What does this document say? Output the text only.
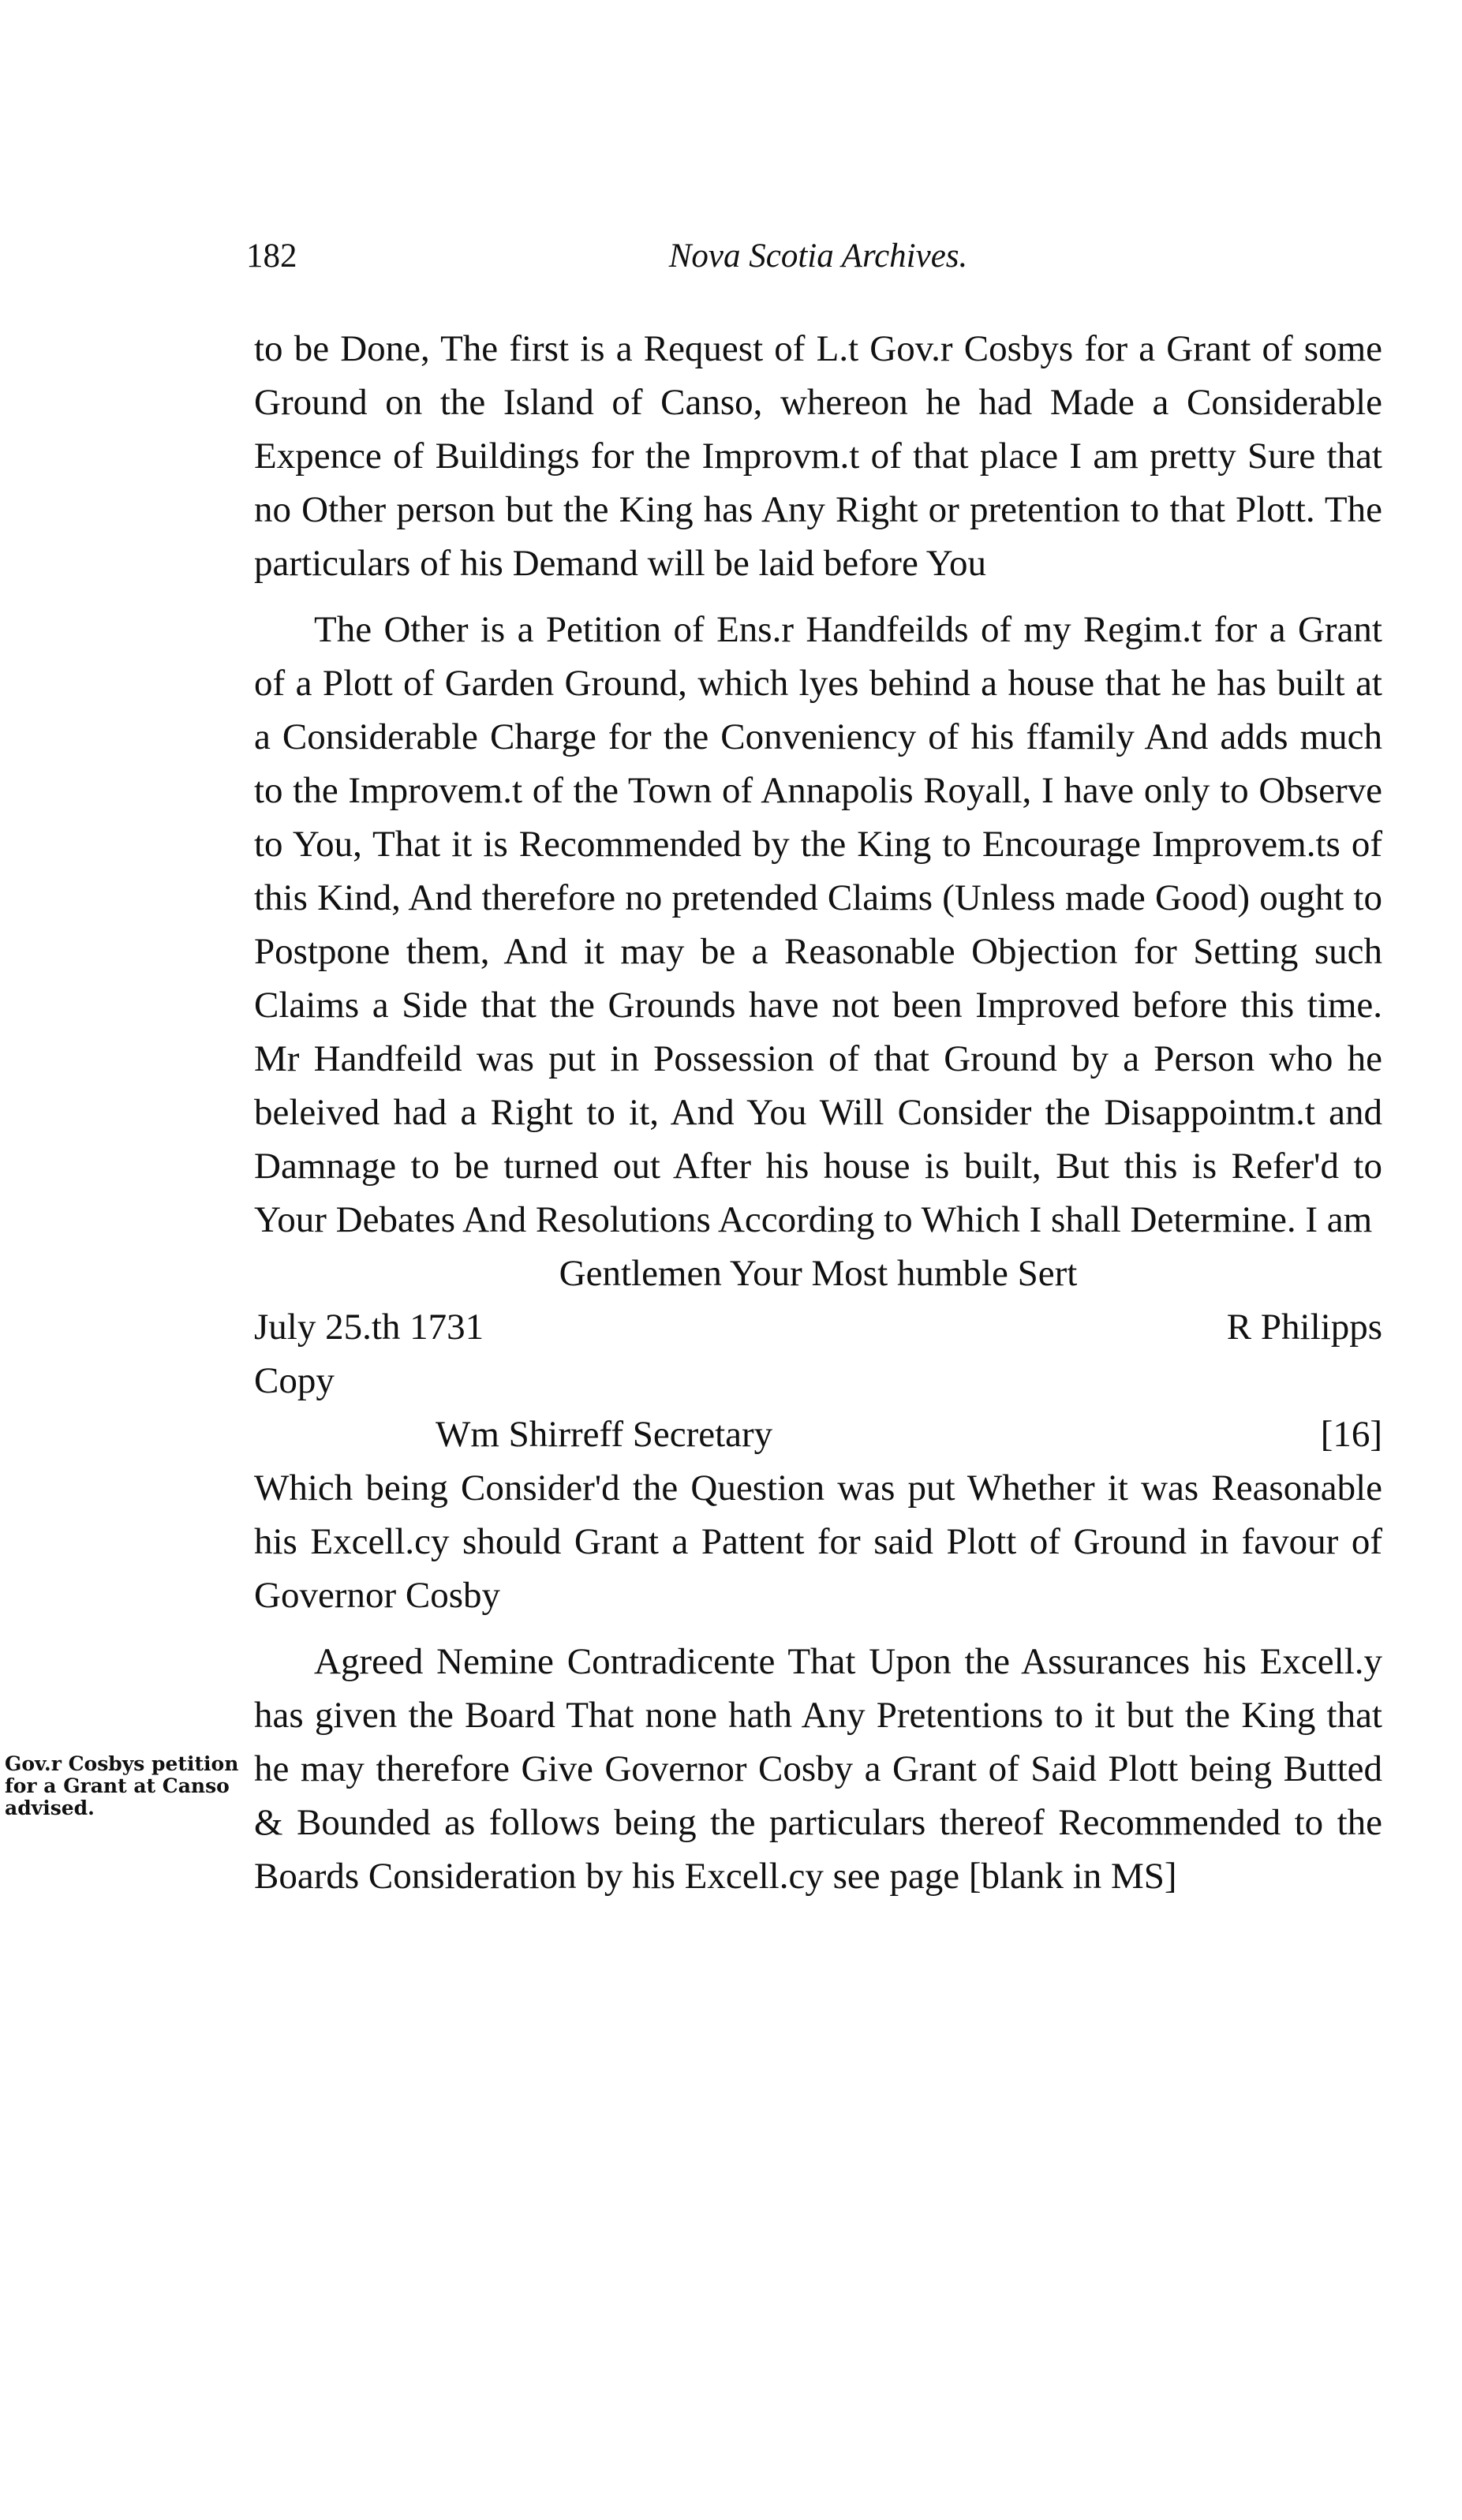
182	Nova Scotia Archives.

to be Done, The first is a Request of L.t Gov.r Cosbys for a Grant of some Ground on the Island of Canso, whereon he had Made a Considerable Expence of Buildings for the Improvm.t of that place I am pretty Sure that no Other person but the King has Any Right or pretention to that Plott. The particulars of his Demand will be laid before You

The Other is a Petition of Ens.r Handfeilds of my Regim.t for a Grant of a Plott of Garden Ground, which lyes behind a house that he has built at a Considerable Charge for the Conveniency of his ffamily And adds much to the Improvem.t of the Town of Annapolis Royall, I have only to Observe to You, That it is Recommended by the King to Encourage Improvem.ts of this Kind, And therefore no pretended Claims (Unless made Good) ought to Postpone them, And it may be a Reasonable Objection for Setting such Claims a Side that the Grounds have not been Improved before this time. Mr Handfeild was put in Possession of that Ground by a Person who he beleived had a Right to it, And You Will Consider the Disappointm.t and Damnage to be turned out After his house is built, But this is Refer'd to Your Debates And Resolutions According to Which I shall Determine. I am

Gentlemen Your Most humble Sert

July 25.th 1731	R Philipps

Copy

Wm Shirreff Secretary	[16]

Which being Consider'd the Question was put Whether it was Reasonable his Excell.cy should Grant a Pattent for said Plott of Ground in favour of Governor Cosby

Agreed Nemine Contradicente That Upon the Assurances his Excell.y has given the Board That none hath Any Pretentions to it but the King that he may therefore Give Governor Cosby a Grant of Said Plott being Butted & Bounded as follows being the particulars thereof Recommended to the Boards Consideration by his Excell.cy see page [blank in MS]

Gov.r Cosbys petition for a Grant at Canso advised.
